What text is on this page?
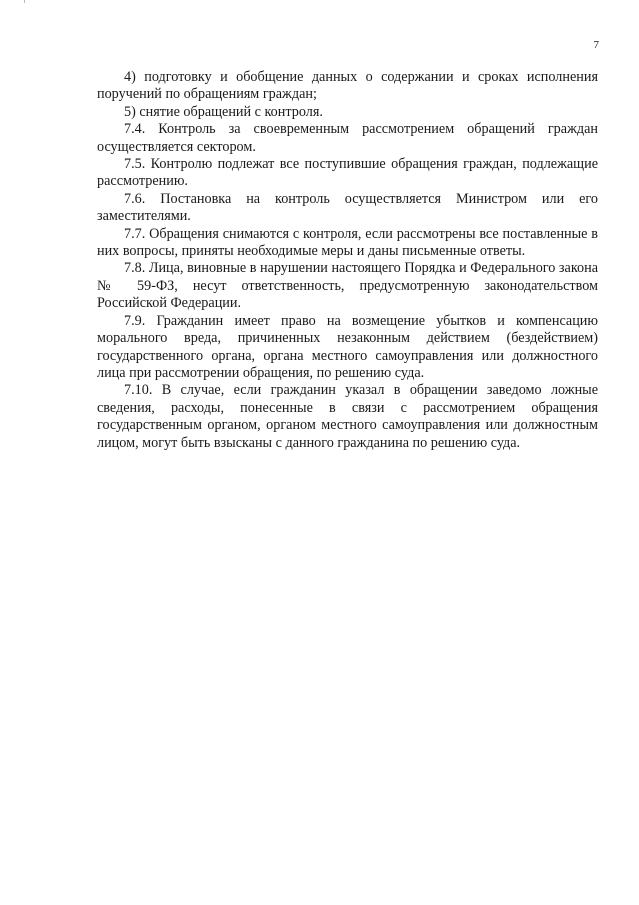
7

4) подготовку и обобщение данных о содержании и сроках исполнения поручений по обращениям граждан;

5) снятие обращений с контроля.

7.4. Контроль за своевременным рассмотрением обращений граждан осуществляется сектором.

7.5. Контролю подлежат все поступившие обращения граждан, подлежащие рассмотрению.

7.6. Постановка на контроль осуществляется Министром или его заместителями.

7.7. Обращения снимаются с контроля, если рассмотрены все поставленные в них вопросы, приняты необходимые меры и даны письменные ответы.

7.8. Лица, виновные в нарушении настоящего Порядка и Федерального закона № 59-ФЗ, несут ответственность, предусмотренную законодательством Российской Федерации.

7.9. Гражданин имеет право на возмещение убытков и компенсацию морального вреда, причиненных незаконным действием (бездействием) государственного органа, органа местного самоуправления или должностного лица при рассмотрении обращения, по решению суда.

7.10. В случае, если гражданин указал в обращении заведомо ложные сведения, расходы, понесенные в связи с рассмотрением обращения государственным органом, органом местного самоуправления или должностным лицом, могут быть взысканы с данного гражданина по решению суда.
